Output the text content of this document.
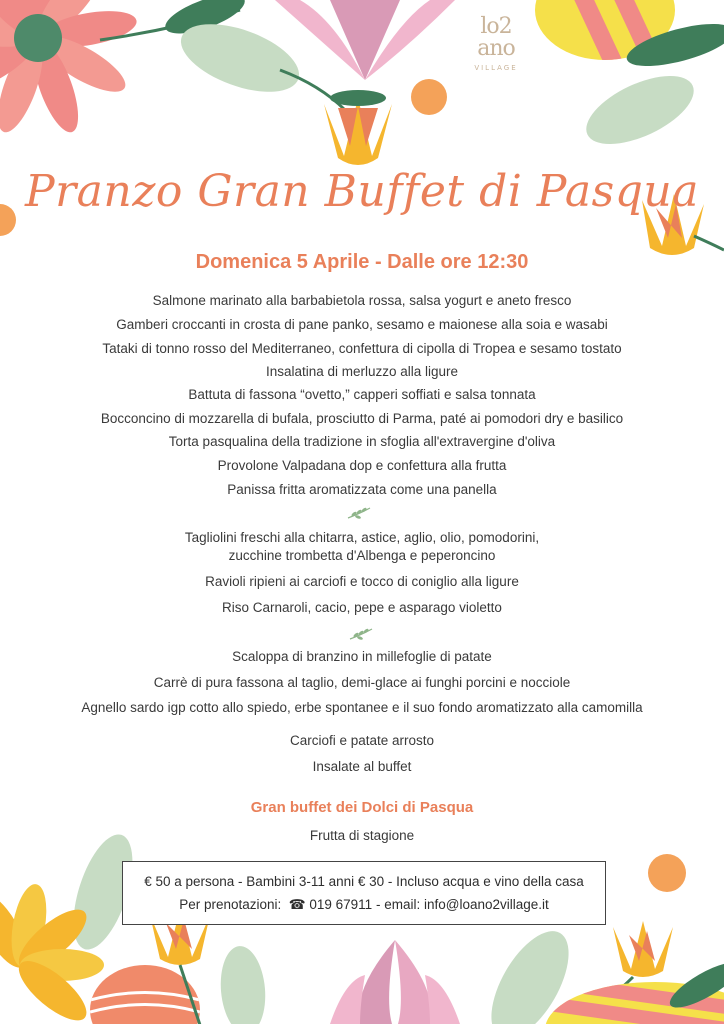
lo2
ano
VILLAGE
Pranzo Gran Buffet di Pasqua
Domenica 5 Aprile - Dalle ore 12:30
Salmone marinato alla barbabietola rossa, salsa yogurt e aneto fresco
Gamberi croccanti in crosta di pane panko, sesamo e maionese alla soia e wasabi
Tataki di tonno rosso del Mediterraneo, confettura di cipolla di Tropea e sesamo tostato
Insalatina di merluzzo alla ligure
Battuta di fassona “ovetto,” capperi soffiati e salsa tonnata
Bocconcino di mozzarella di bufala, prosciutto di Parma, paté ai pomodori dry e basilico
Torta pasqualina della tradizione in sfoglia all'extravergine d'oliva
Provolone Valpadana dop e confettura alla frutta
Panissa fritta aromatizzata come una panella
Tagliolini freschi alla chitarra, astice, aglio, olio, pomodorini,
zucchine trombetta d'Albenga e peperoncino
Ravioli ripieni ai carciofi e tocco di coniglio alla ligure
Riso Carnaroli, cacio, pepe e asparago violetto
Scaloppa di branzino in millefoglie di patate
Carrè di pura fassona al taglio, demi-glace ai funghi porcini e nocciole
Agnello sardo igp cotto allo spiedo, erbe spontanee e il suo fondo aromatizzato alla camomilla
Carciofi e patate arrosto
Insalate al buffet
Gran buffet dei Dolci di Pasqua
Frutta di stagione
€ 50 a persona - Bambini 3-11 anni € 30 - Incluso acqua e vino della casa
Per prenotazioni: ☎ 019 67911 - email: info@loano2village.it
